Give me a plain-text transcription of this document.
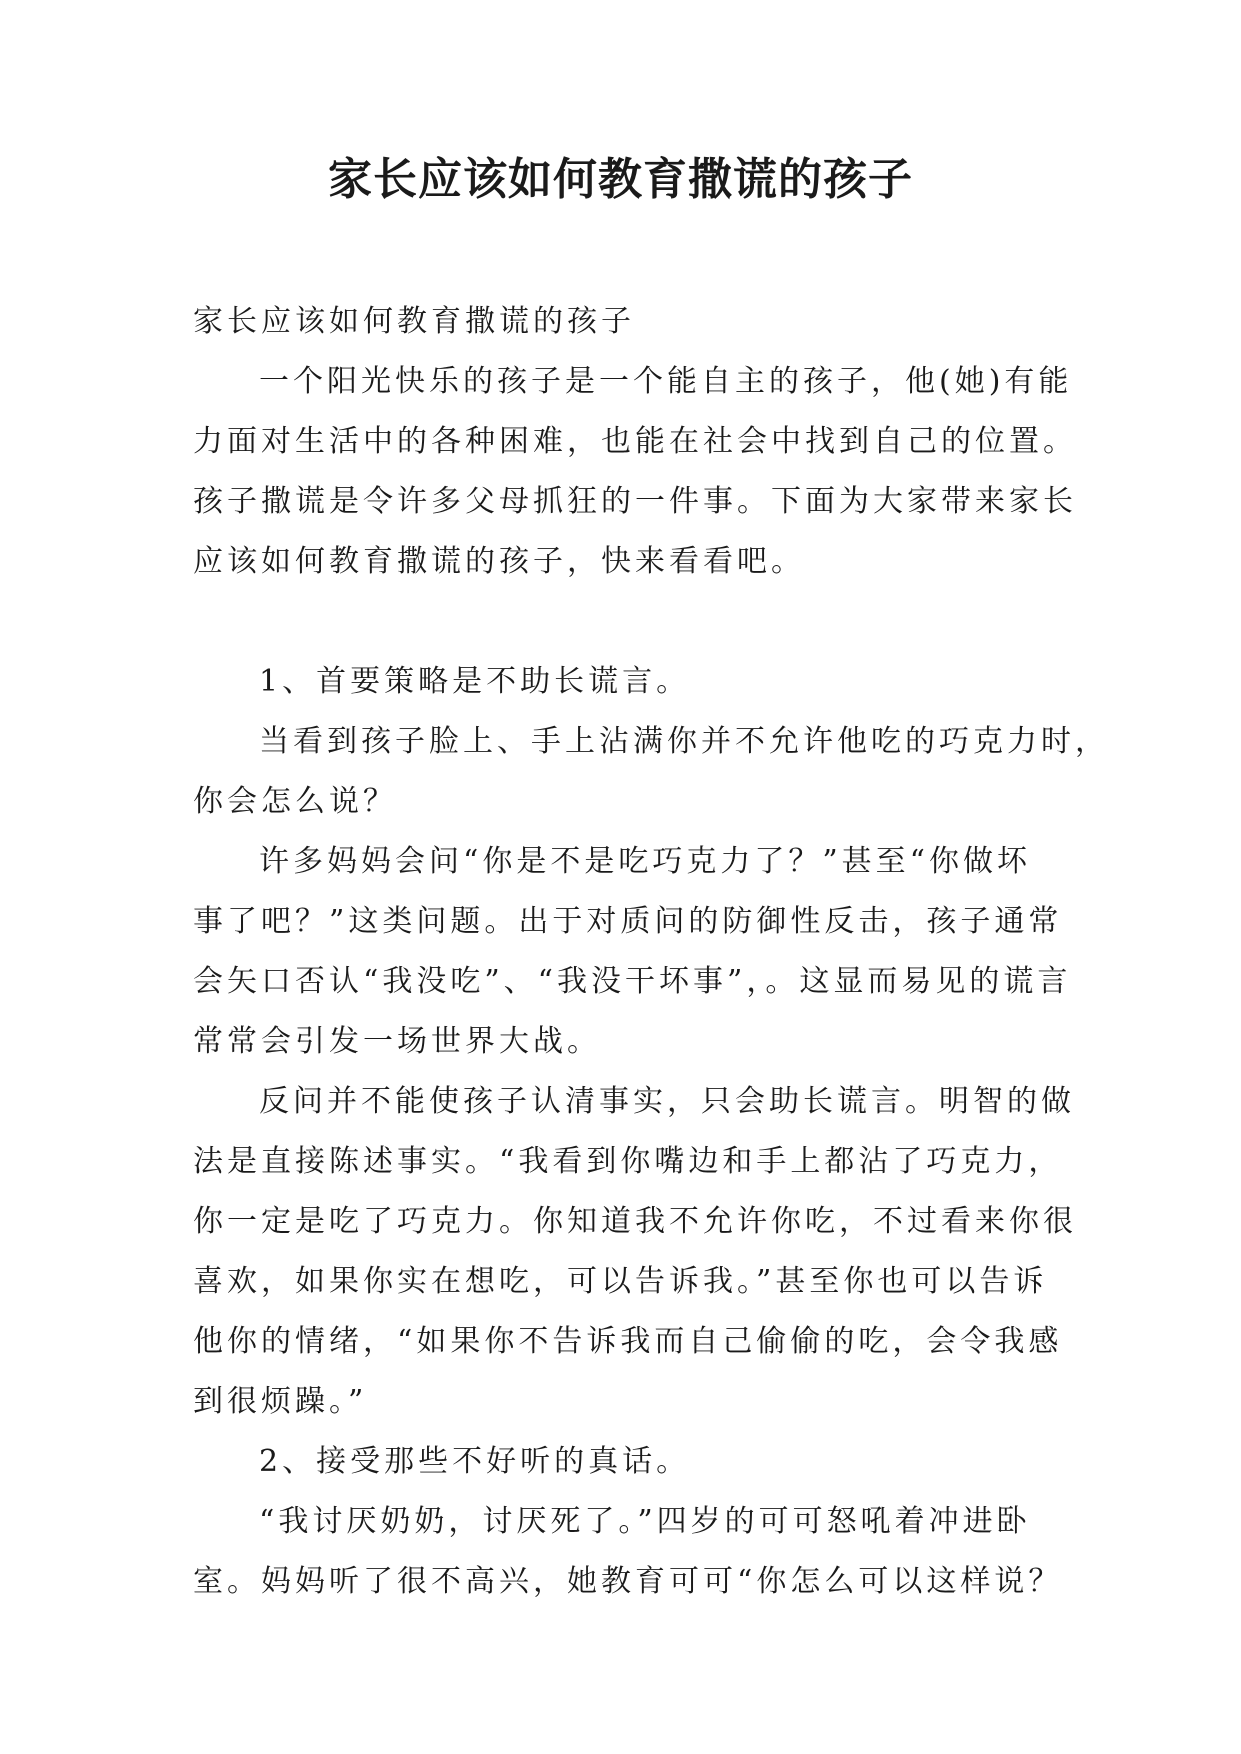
家长应该如何教育撒谎的孩子

家长应该如何教育撒谎的孩子

一个阳光快乐的孩子是一个能自主的孩子，他(她)有能

力面对生活中的各种困难，也能在社会中找到自己的位置。

孩子撒谎是令许多父母抓狂的一件事。下面为大家带来家长

应该如何教育撒谎的孩子，快来看看吧。

1、首要策略是不助长谎言。

当看到孩子脸上、手上沾满你并不允许他吃的巧克力时，

你会怎么说？

许多妈妈会问“你是不是吃巧克力了？”甚至“你做坏

事了吧？”这类问题。出于对质问的防御性反击，孩子通常

会矢口否认“我没吃”、“我没干坏事”，。这显而易见的谎言

常常会引发一场世界大战。

反问并不能使孩子认清事实，只会助长谎言。明智的做

法是直接陈述事实。“我看到你嘴边和手上都沾了巧克力，

你一定是吃了巧克力。你知道我不允许你吃，不过看来你很

喜欢，如果你实在想吃，可以告诉我。”甚至你也可以告诉

他你的情绪，“如果你不告诉我而自己偷偷的吃，会令我感

到很烦躁。”

2、接受那些不好听的真话。

“我讨厌奶奶，讨厌死了。”四岁的可可怒吼着冲进卧

室。妈妈听了很不高兴，她教育可可“你怎么可以这样说？
